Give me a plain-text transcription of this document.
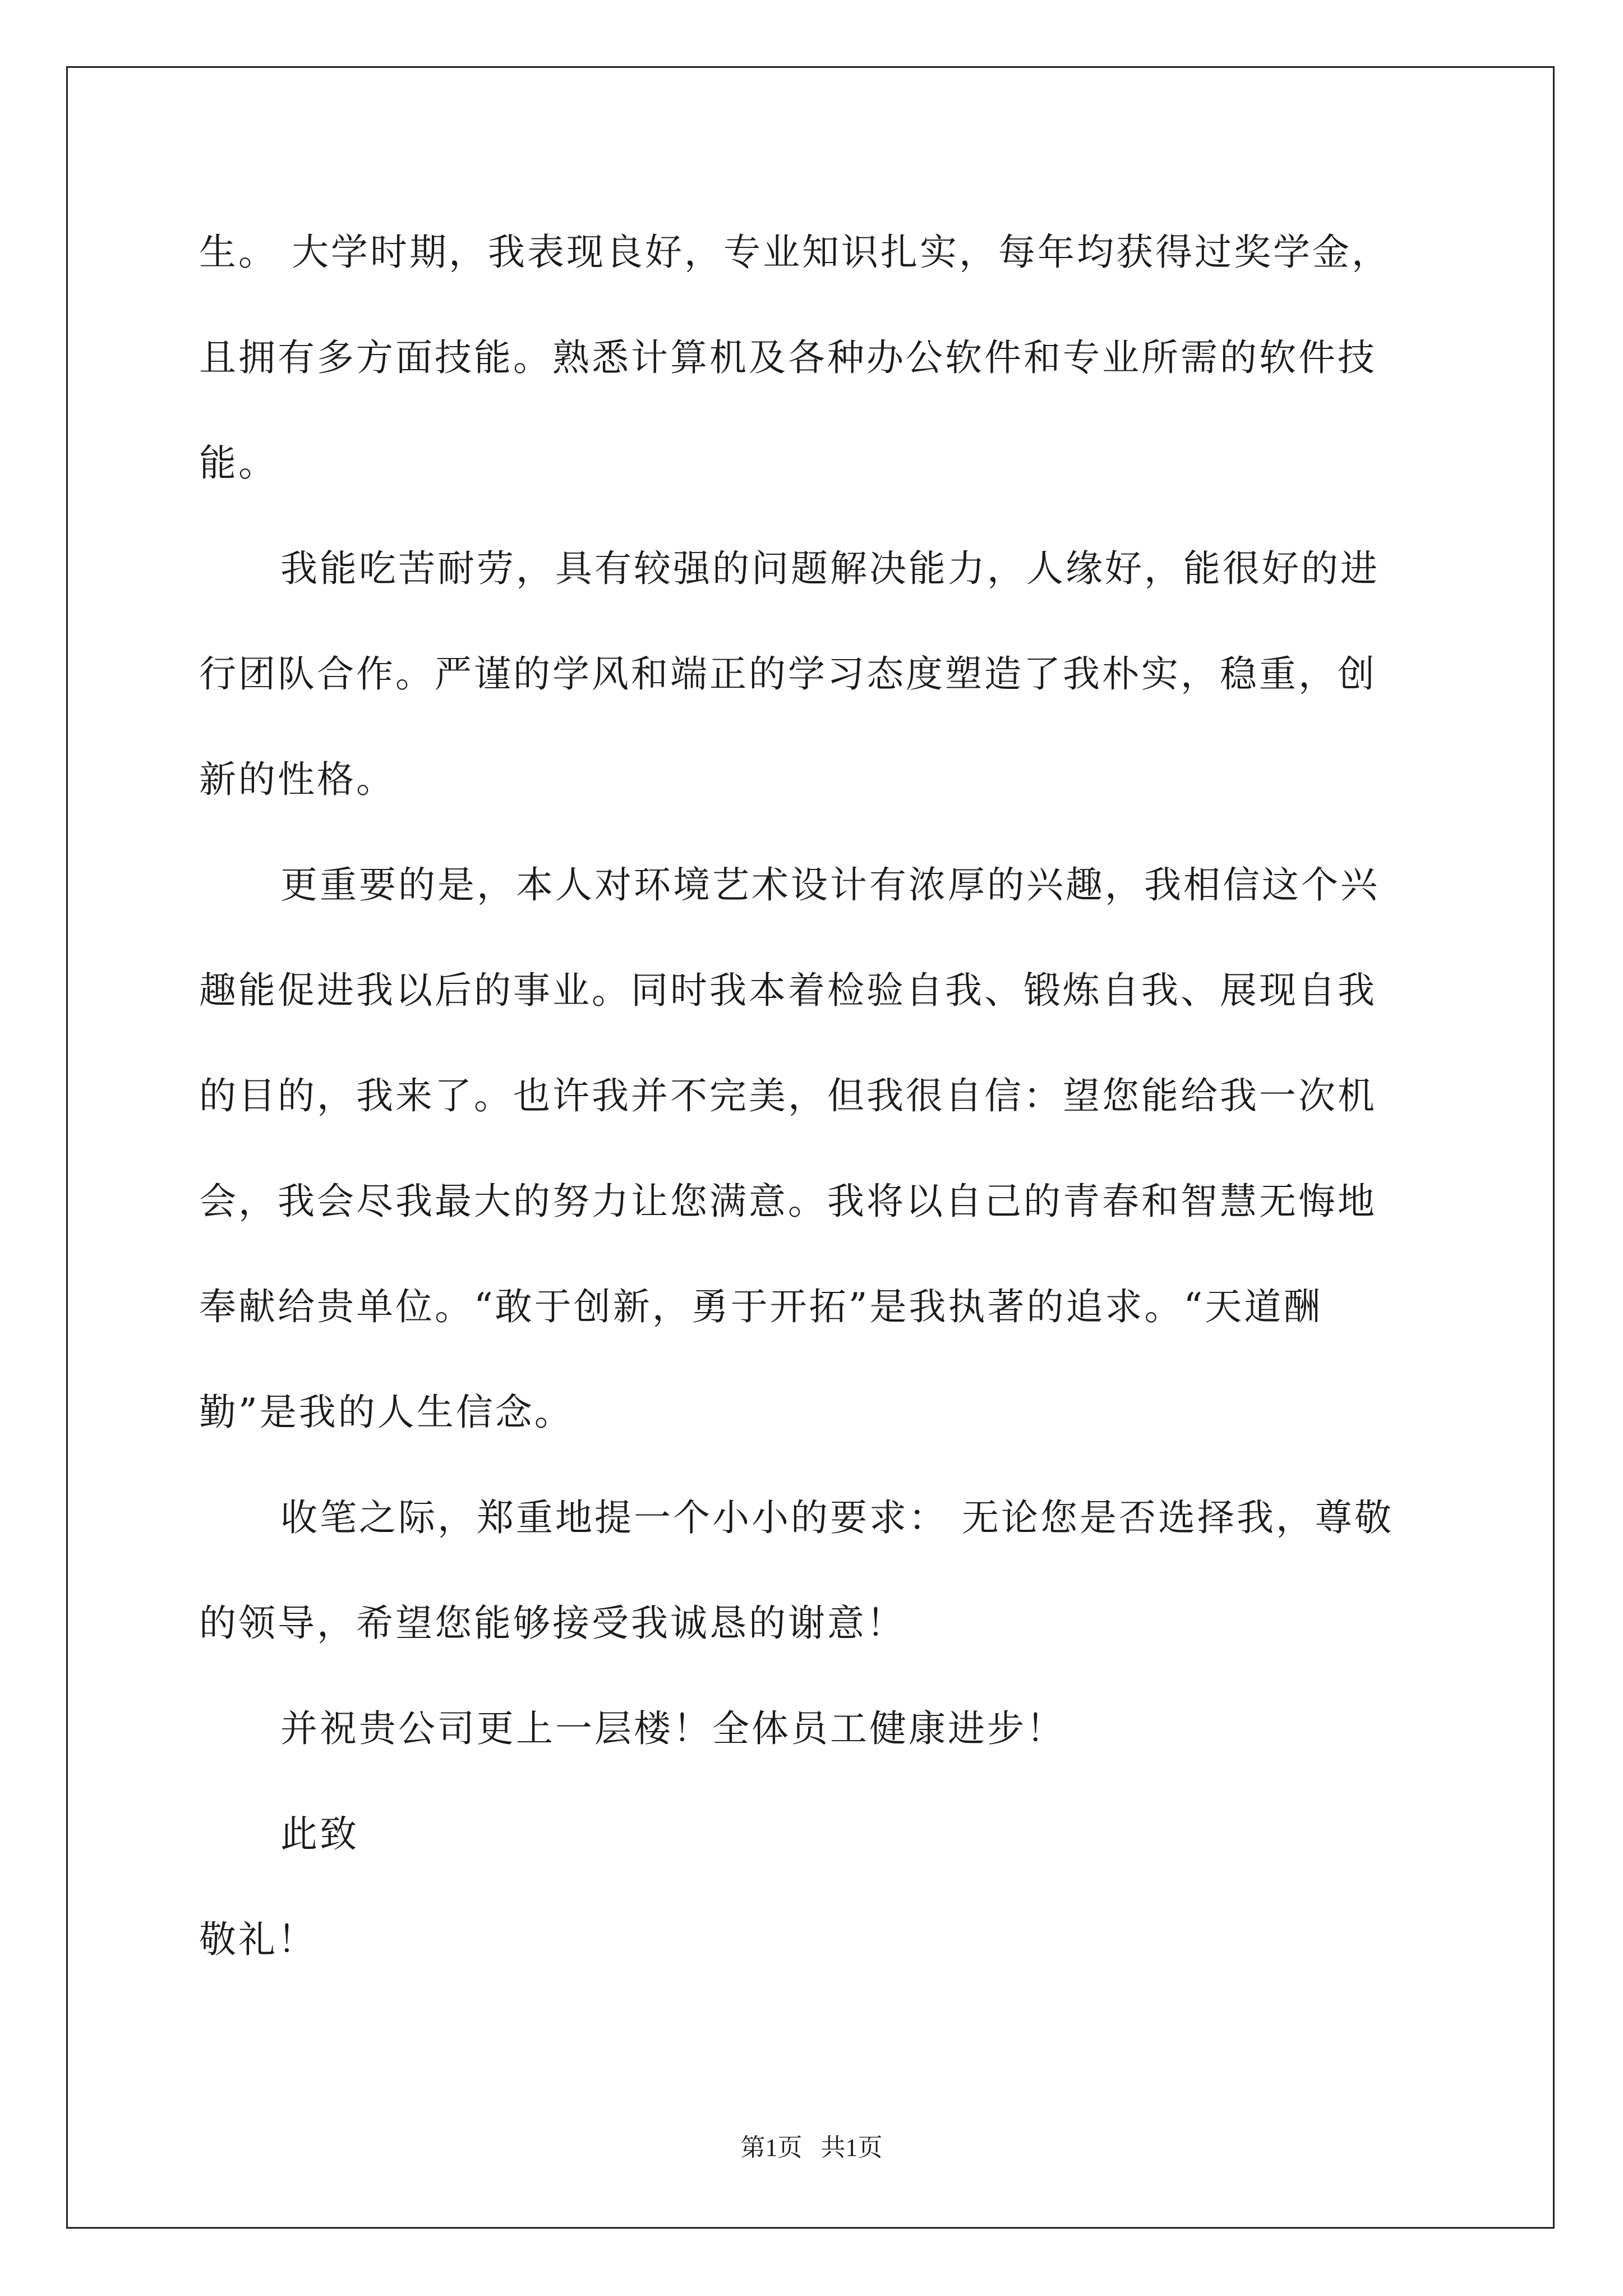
生。 大学时期，我表现良好，专业知识扎实，每年均获得过奖学金，
且拥有多方面技能。熟悉计算机及各种办公软件和专业所需的软件技
能。
我能吃苦耐劳，具有较强的问题解决能力，人缘好，能很好的进
行团队合作。严谨的学风和端正的学习态度塑造了我朴实，稳重，创
新的性格。
更重要的是，本人对环境艺术设计有浓厚的兴趣，我相信这个兴
趣能促进我以后的事业。同时我本着检验自我、锻炼自我、展现自我
的目的，我来了。也许我并不完美，但我很自信：望您能给我一次机
会，我会尽我最大的努力让您满意。我将以自己的青春和智慧无悔地
奉献给贵单位。“敢于创新，勇于开拓”是我执著的追求。“天道酬
勤”是我的人生信念。
收笔之际，郑重地提一个小小的要求： 无论您是否选择我，尊敬
的领导，希望您能够接受我诚恳的谢意！
并祝贵公司更上一层楼！全体员工健康进步！
此致
敬礼！
第1页 共1页
